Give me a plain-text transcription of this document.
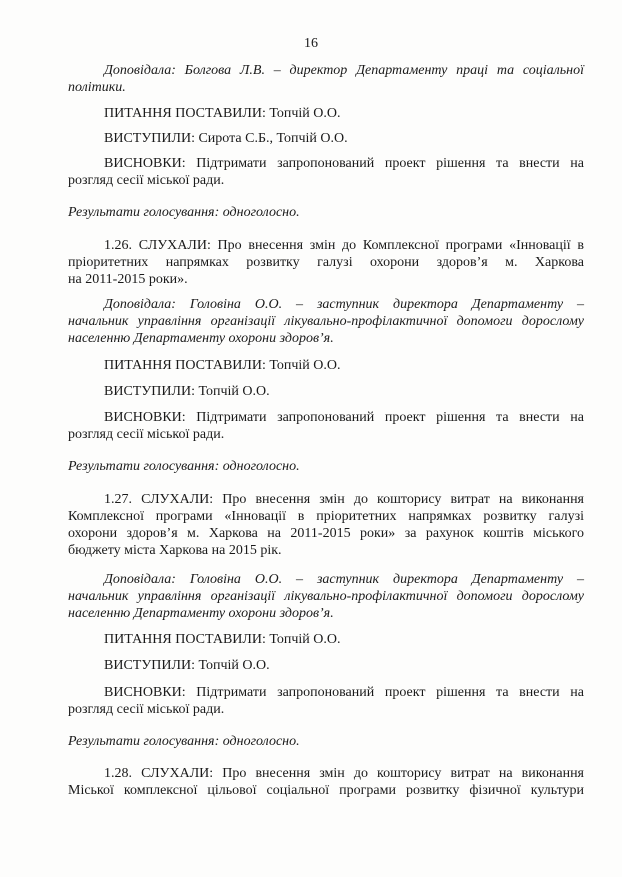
16
Доповідала: Болгова Л.В. – директор Департаменту праці та соціальної
політики.
ПИТАННЯ ПОСТАВИЛИ: Топчій О.О.
ВИСТУПИЛИ: Сирота С.Б., Топчій О.О.
ВИСНОВКИ: Підтримати запропонований проект рішення та внести на
розгляд сесії міської ради.
Результати голосування: одноголосно.
1.26. СЛУХАЛИ: Про внесення змін до Комплексної програми «Інновації в
пріоритетних напрямках розвитку галузі охорони здоров’я м. Харкова
на 2011-2015 роки».
Доповідала: Головіна О.О. – заступник директора Департаменту –
начальник управління організації лікувально-профілактичної допомоги дорослому
населенню Департаменту охорони здоров’я.
ПИТАННЯ ПОСТАВИЛИ: Топчій О.О.
ВИСТУПИЛИ: Топчій О.О.
ВИСНОВКИ: Підтримати запропонований проект рішення та внести на
розгляд сесії міської ради.
Результати голосування: одноголосно.
1.27. СЛУХАЛИ: Про внесення змін до кошторису витрат на виконання
Комплексної програми «Інновації в пріоритетних напрямках розвитку галузі
охорони здоров’я м. Харкова на 2011-2015 роки» за рахунок коштів міського
бюджету міста Харкова на 2015 рік.
Доповідала: Головіна О.О. – заступник директора Департаменту –
начальник управління організації лікувально-профілактичної допомоги дорослому
населенню Департаменту охорони здоров’я.
ПИТАННЯ ПОСТАВИЛИ: Топчій О.О.
ВИСТУПИЛИ: Топчій О.О.
ВИСНОВКИ: Підтримати запропонований проект рішення та внести на
розгляд сесії міської ради.
Результати голосування: одноголосно.
1.28. СЛУХАЛИ: Про внесення змін до кошторису витрат на виконання
Міської комплексної цільової соціальної програми розвитку фізичної культури
